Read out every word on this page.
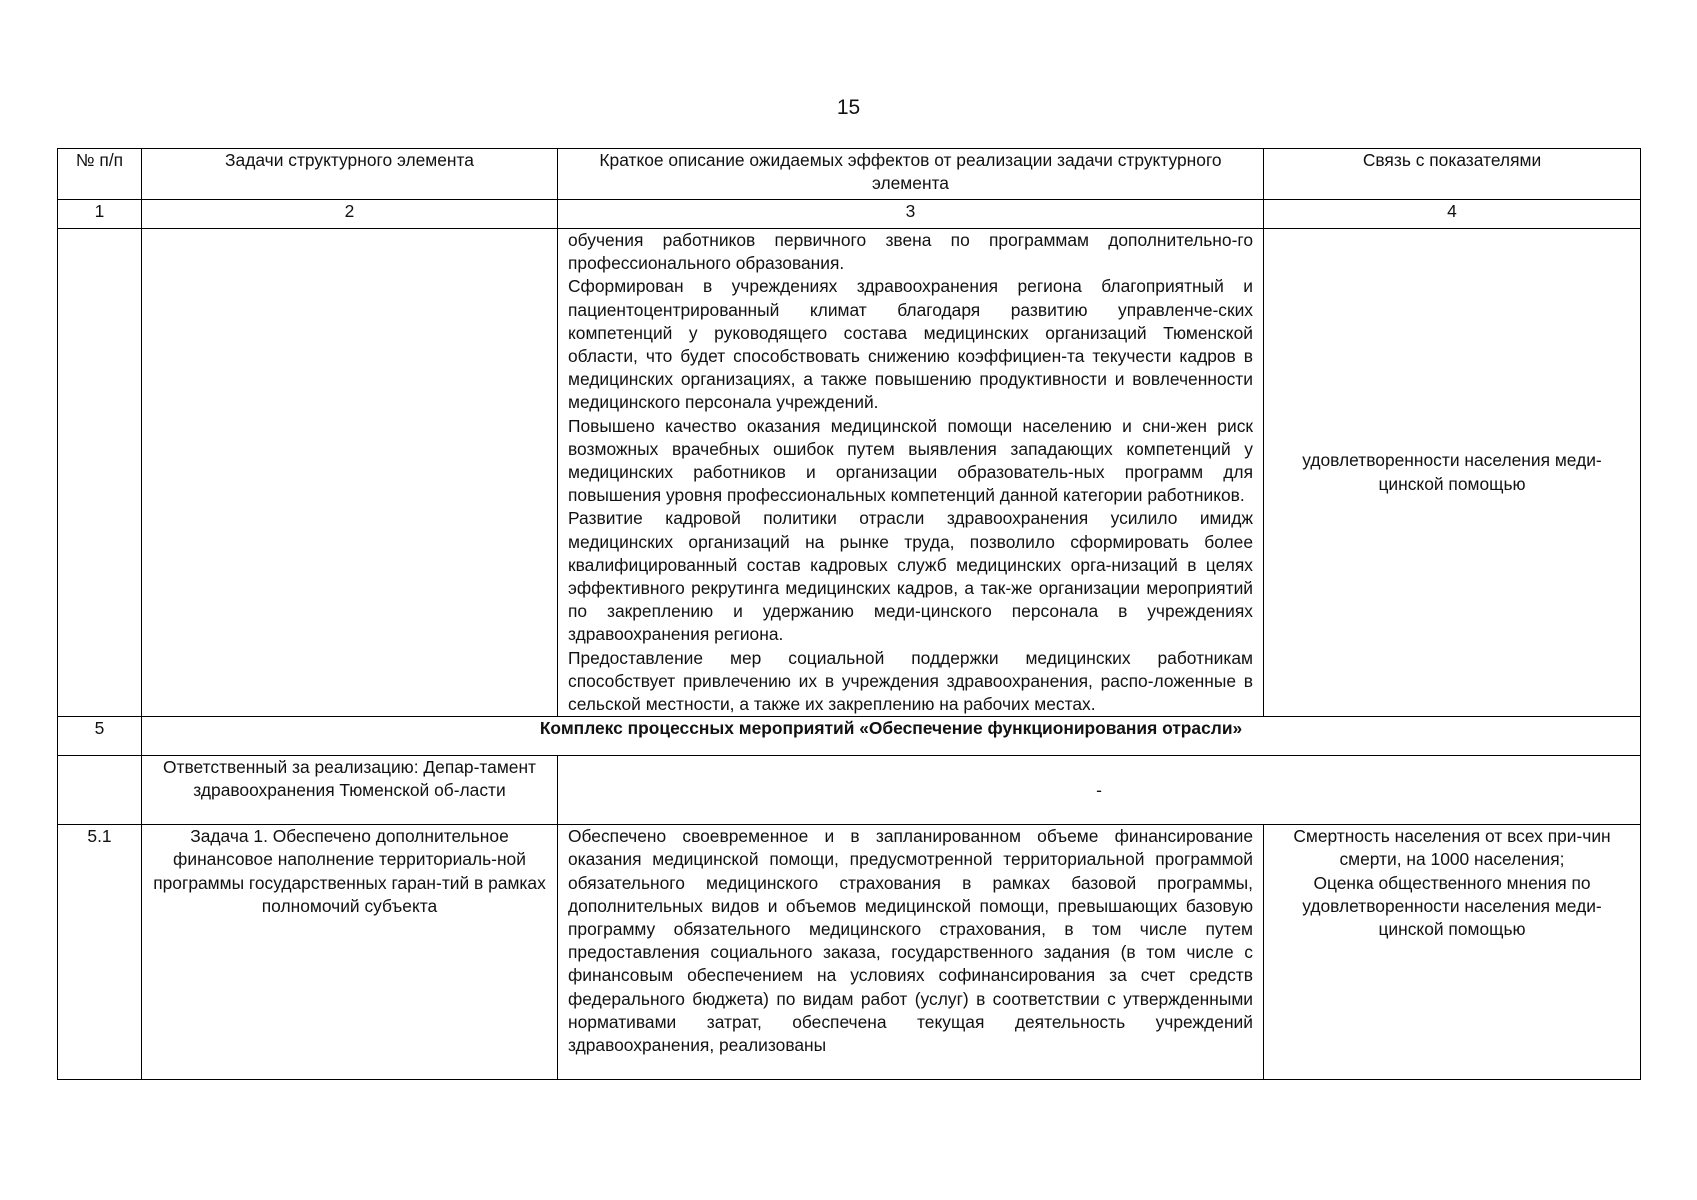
15
№ п/п	Задачи структурного элемента	Краткое описание ожидаемых эффектов от реализации задачи структурного элемента	Связь с показателями
1	2	3	4

		обучения работников первичного звена по программам дополнительно-го профессионального образования.
Сформирован в учреждениях здравоохранения региона благоприятный и пациентоцентрированный климат благодаря развитию управленче-ских компетенций у руководящего состава медицинских организаций Тюменской области, что будет способствовать снижению коэффициен-та текучести кадров в медицинских организациях, а также повышению продуктивности и вовлеченности медицинского персонала учреждений.
Повышено качество оказания медицинской помощи населению и сни-жен риск возможных врачебных ошибок путем выявления западающих компетенций у медицинских работников и организации образователь-ных программ для повышения уровня профессиональных компетенций данной категории работников.
Развитие кадровой политики отрасли здравоохранения усилило имидж медицинских организаций на рынке труда, позволило сформировать более квалифицированный состав кадровых служб медицинских орга-низаций в целях эффективного рекрутинга медицинских кадров, а так-же организации мероприятий по закреплению и удержанию меди-цинского персонала в учреждениях здравоохранения региона.
Предоставление мер социальной поддержки медицинских работникам способствует привлечению их в учреждения здравоохранения, распо-ложенные в сельской местности, а также их закреплению на рабочих местах.	удовлетворенности населения меди-цинской помощью
5	Комплекс процессных мероприятий «Обеспечение функционирования отрасли»		
	Ответственный за реализацию: Депар-тамент здравоохранения Тюменской об-ласти	-	
5.1	Задача 1. Обеспечено дополнительное финансовое наполнение территориаль-ной программы государственных гаран-тий в рамках полномочий субъекта	Обеспечено своевременное и в запланированном объеме финансирование оказания медицинской помощи, предусмотренной территориальной программой обязательного медицинского страхования в рамках базовой программы, дополнительных видов и объемов медицинской помощи, превышающих базовую программу обязательного медицинского страхования, в том числе путем предоставления социального заказа, государственного задания (в том числе с финансовым обеспечением на условиях софинансирования за счет средств федерального бюджета) по видам работ (услуг) в соответствии с утвержденными нормативами затрат, обеспечена текущая деятельность учреждений здравоохранения, реализованы	Смертность населения от всех при-чин смерти, на 1000 населения;
Оценка общественного мнения по удовлетворенности населения меди-цинской помощью
